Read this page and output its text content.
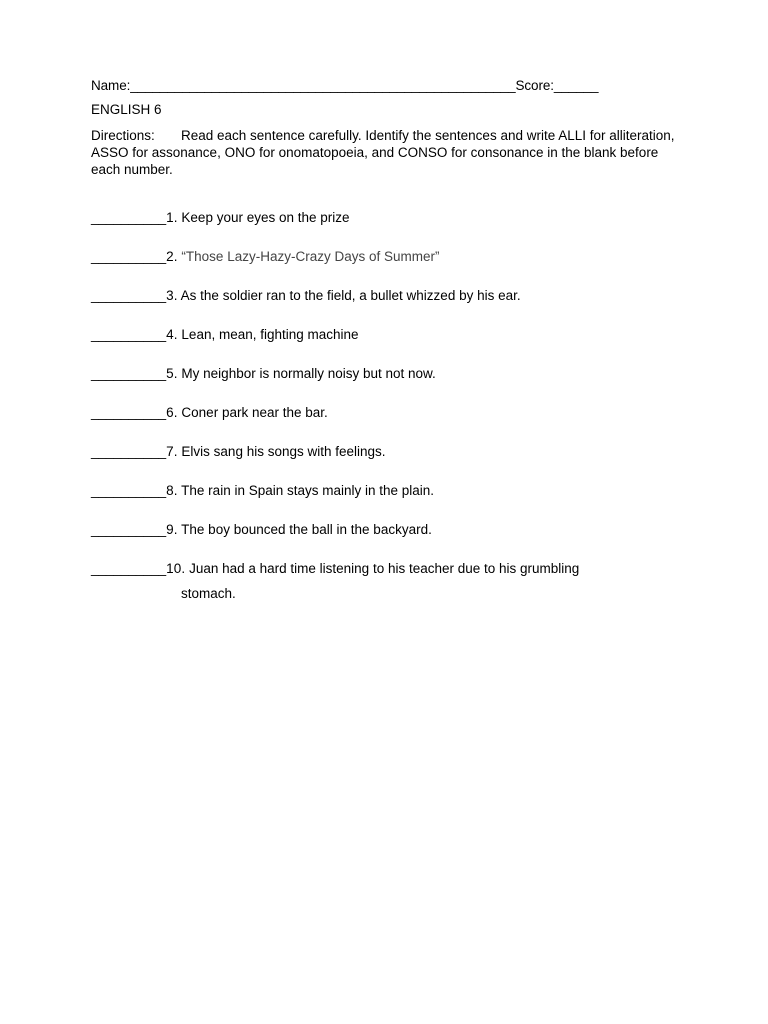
Name:____________________________________________________Score:______
ENGLISH 6
Directions: Read each sentence carefully. Identify the sentences and write ALLI for alliteration, ASSO for assonance, ONO for onomatopoeia, and CONSO for consonance in the blank before each number.
__________1. Keep your eyes on the prize
__________2. “Those Lazy-Hazy-Crazy Days of Summer”
__________3. As the soldier ran to the field, a bullet whizzed by his ear.
__________4. Lean, mean, fighting machine
__________5. My neighbor is normally noisy but not now.
__________6. Coner park near the bar.
__________7. Elvis sang his songs with feelings.
__________8. The rain in Spain stays mainly in the plain.
__________9. The boy bounced the ball in the backyard.
__________10. Juan had a hard time listening to his teacher due to his grumbling
stomach.
